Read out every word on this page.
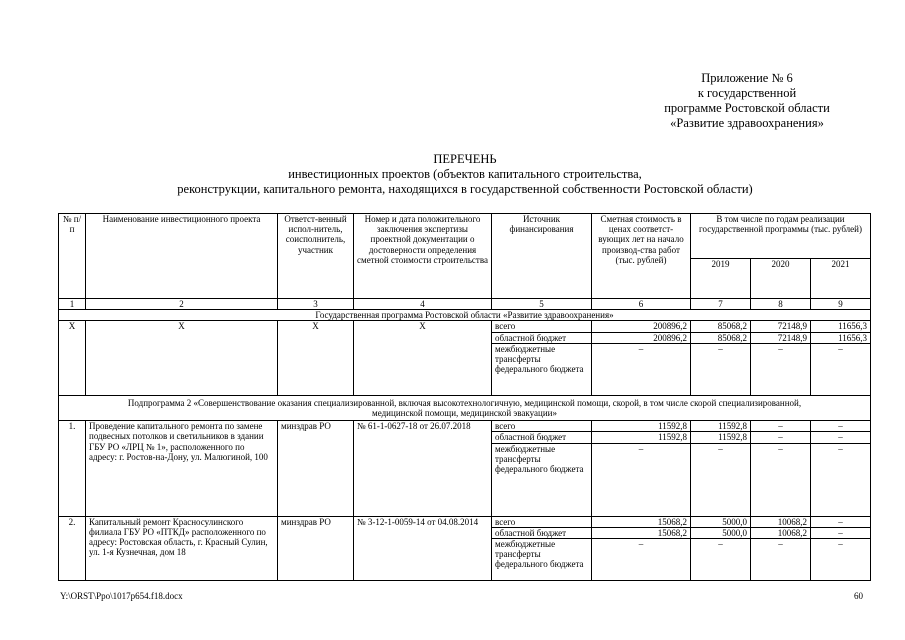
Приложение № 6
к государственной
программе Ростовской области
«Развитие здравоохранения»
ПЕРЕЧЕНЬ
инвестиционных проектов (объектов капитального строительства,
реконструкции, капитального ремонта, находящихся в государственной собственности Ростовской области)
№ п/п	Наименование инвестиционного проекта	Ответст-венный испол-нитель, соисполнитель, участник	Номер и дата положительного заключения экспертизы проектной документации о достоверности определения сметной стоимости строительства	Источник финансирования	Сметная стоимость в ценах соответст-вующих лет на начало производ-ства работ (тыс. рублей)	В том числе по годам реализации государственной программы (тыс. рублей)		
						2019	2020	2021
1	2	3	4	5	6	7	8	9
Государственная программа Ростовской области «Развитие здравоохранения»								
X	X	X	X	всего	200896,2	85068,2	72148,9	11656,3
				областной бюджет	200896,2	85068,2	72148,9	11656,3
				межбюджетные трансферты федерального бюджета	–	–	–	–
Подпрограмма 2 «Совершенствование оказания специализированной, включая высокотехнологичную, медицинской помощи, скорой, в том числе скорой специализированной, медицинской помощи, медицинской эвакуации»								
1.	Проведение капитального ремонта по замене подвесных потолков и светильников в здании ГБУ РО «ЛРЦ № 1», расположенного по адресу: г. Ростов-на-Дону, ул. Малюгиной, 100	минздрав РО	№ 61-1-0627-18 от 26.07.2018	всего	11592,8	11592,8	–	–
				областной бюджет	11592,8	11592,8	–	–
				межбюджетные трансферты федерального бюджета	–	–	–	–
2.	Капитальный ремонт Красносулинского филиала ГБУ РО «ПТКД» расположенного по адресу: Ростовская область, г. Красный Сулин, ул. 1-я Кузнечная, дом 18	минздрав РО	№ 3-12-1-0059-14 от 04.08.2014	всего	15068,2	5000,0	10068,2	–
				областной бюджет	15068,2	5000,0	10068,2	–
				межбюджетные трансферты федерального бюджета	–	–	–	–
Y:\ORST\Ppo\1017p654.f18.docx	60
